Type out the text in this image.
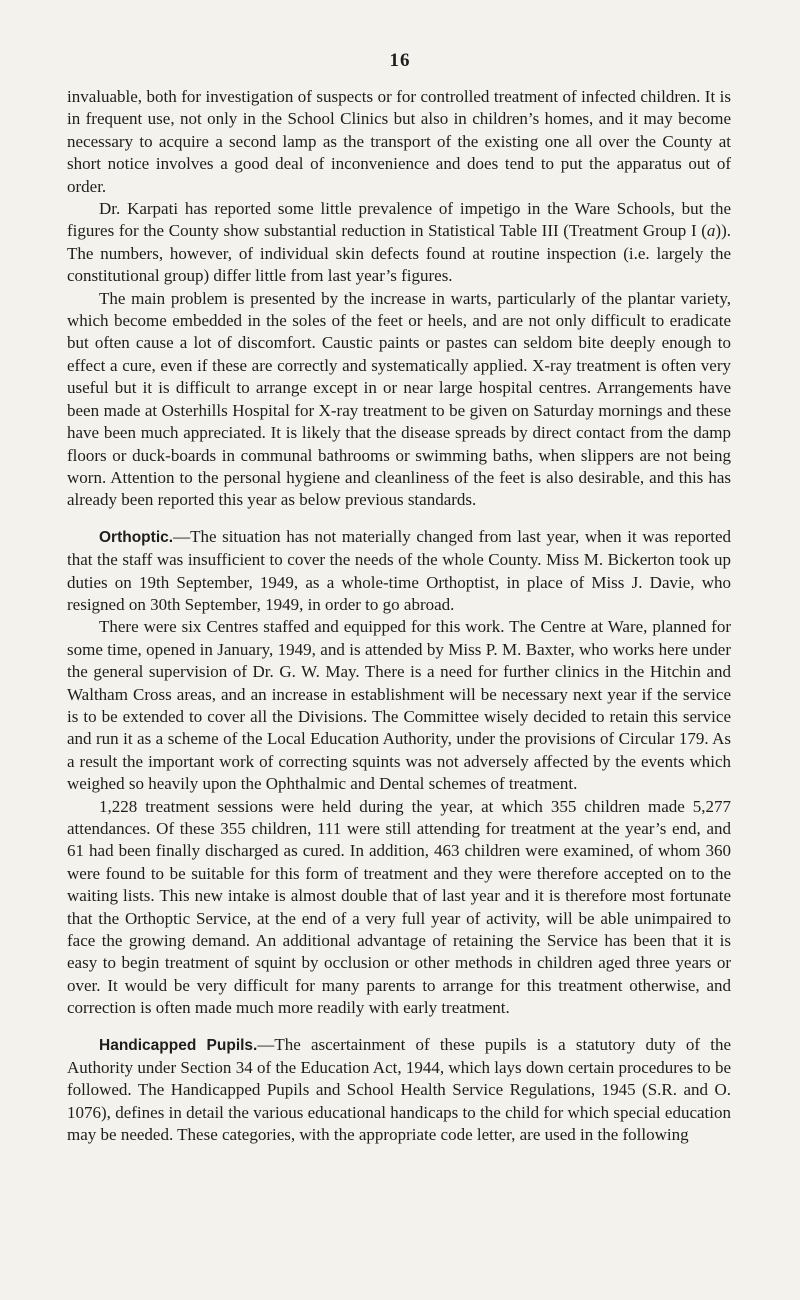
16

invaluable, both for investigation of suspects or for controlled treatment of infected children. It is in frequent use, not only in the School Clinics but also in children’s homes, and it may become necessary to acquire a second lamp as the transport of the existing one all over the County at short notice involves a good deal of inconvenience and does tend to put the apparatus out of order.

Dr. Karpati has reported some little prevalence of impetigo in the Ware Schools, but the figures for the County show substantial reduction in Statistical Table III (Treatment Group I (a)). The numbers, however, of individual skin defects found at routine inspection (i.e. largely the constitutional group) differ little from last year’s figures.

The main problem is presented by the increase in warts, particularly of the plantar variety, which become embedded in the soles of the feet or heels, and are not only difficult to eradicate but often cause a lot of discomfort. Caustic paints or pastes can seldom bite deeply enough to effect a cure, even if these are correctly and systematically applied. X-ray treatment is often very useful but it is difficult to arrange except in or near large hospital centres. Arrangements have been made at Osterhills Hospital for X-ray treatment to be given on Saturday mornings and these have been much appreciated. It is likely that the disease spreads by direct contact from the damp floors or duck-boards in communal bathrooms or swimming baths, when slippers are not being worn. Attention to the personal hygiene and cleanliness of the feet is also desirable, and this has already been reported this year as below previous standards.

Orthoptic.—The situation has not materially changed from last year, when it was reported that the staff was insufficient to cover the needs of the whole County. Miss M. Bickerton took up duties on 19th September, 1949, as a whole-time Orthoptist, in place of Miss J. Davie, who resigned on 30th September, 1949, in order to go abroad.

There were six Centres staffed and equipped for this work. The Centre at Ware, planned for some time, opened in January, 1949, and is attended by Miss P. M. Baxter, who works here under the general supervision of Dr. G. W. May. There is a need for further clinics in the Hitchin and Waltham Cross areas, and an increase in establishment will be necessary next year if the service is to be extended to cover all the Divisions. The Committee wisely decided to retain this service and run it as a scheme of the Local Education Authority, under the provisions of Circular 179. As a result the important work of correcting squints was not adversely affected by the events which weighed so heavily upon the Ophthalmic and Dental schemes of treatment.

1,228 treatment sessions were held during the year, at which 355 children made 5,277 attendances. Of these 355 children, 111 were still attending for treatment at the year’s end, and 61 had been finally discharged as cured. In addition, 463 children were examined, of whom 360 were found to be suitable for this form of treatment and they were therefore accepted on to the waiting lists. This new intake is almost double that of last year and it is therefore most fortunate that the Orthoptic Service, at the end of a very full year of activity, will be able unimpaired to face the growing demand. An additional advantage of retaining the Service has been that it is easy to begin treatment of squint by occlusion or other methods in children aged three years or over. It would be very difficult for many parents to arrange for this treatment otherwise, and correction is often made much more readily with early treatment.

Handicapped Pupils.—The ascertainment of these pupils is a statutory duty of the Authority under Section 34 of the Education Act, 1944, which lays down certain procedures to be followed. The Handicapped Pupils and School Health Service Regulations, 1945 (S.R. and O. 1076), defines in detail the various educational handicaps to the child for which special education may be needed. These categories, with the appropriate code letter, are used in the following
